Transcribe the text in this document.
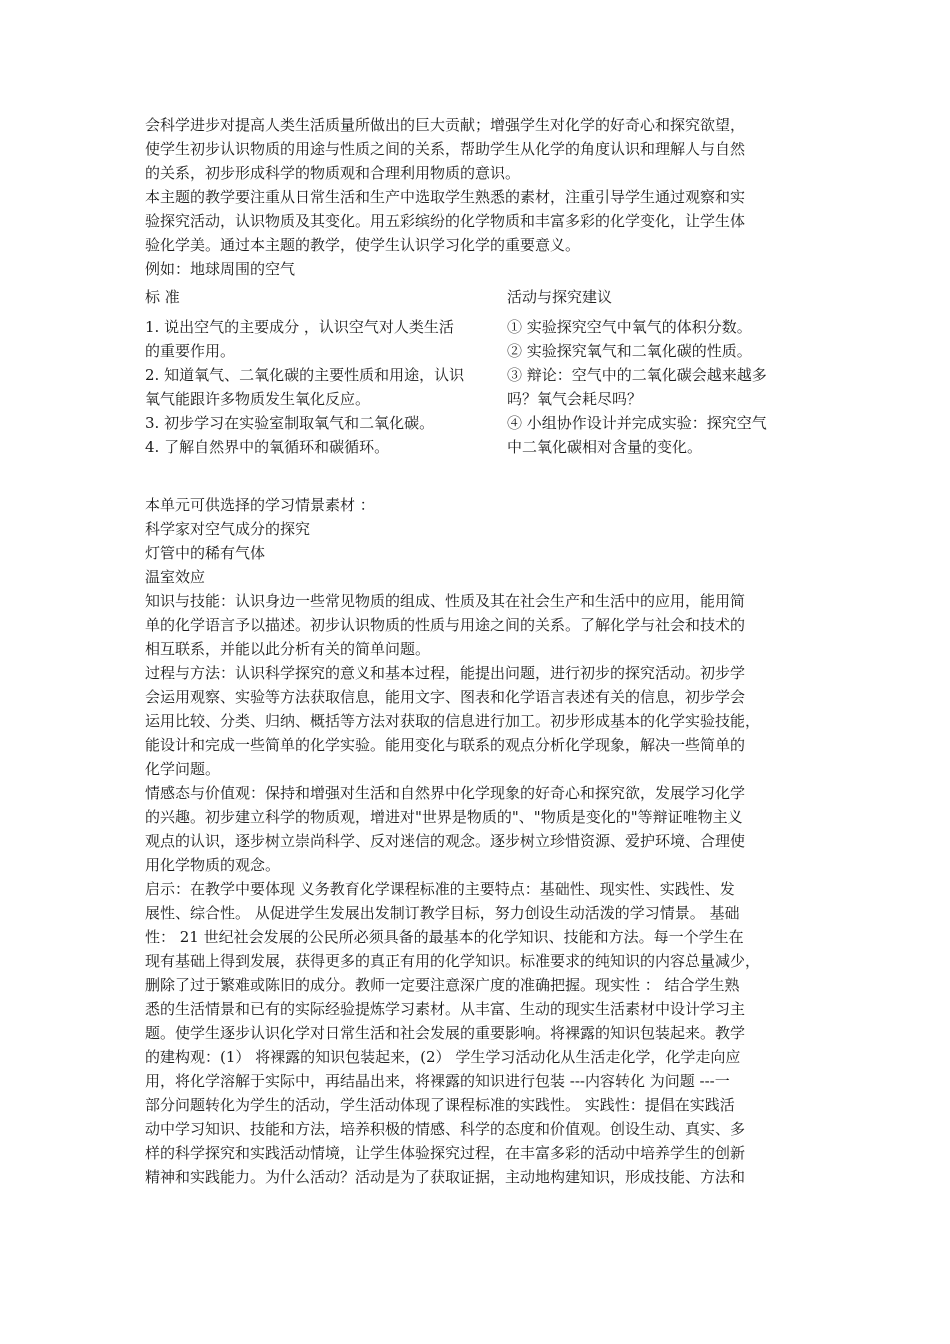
会科学进步对提高人类生活质量所做出的巨大贡献；增强学生对化学的好奇心和探究欲望，
使学生初步认识物质的用途与性质之间的关系，帮助学生从化学的角度认识和理解人与自然
的关系，初步形成科学的物质观和合理利用物质的意识。
本主题的教学要注重从日常生活和生产中选取学生熟悉的素材，注重引导学生通过观察和实
验探究活动，认识物质及其变化。用五彩缤纷的化学物质和丰富多彩的化学变化，让学生体
验化学美。通过本主题的教学，使学生认识学习化学的重要意义。
例如：地球周围的空气
标 准
1. 说出空气的主要成分 ，认识空气对人类生活
的重要作用。
2. 知道氧气、二氧化碳的主要性质和用途，认识
氧气能跟许多物质发生氧化反应。
3. 初步学习在实验室制取氧气和二氧化碳。
4. 了解自然界中的氧循环和碳循环。
活动与探究建议
① 实验探究空气中氧气的体积分数。
② 实验探究氧气和二氧化碳的性质。
③ 辩论：空气中的二氧化碳会越来越多
吗？氧气会耗尽吗？
④ 小组协作设计并完成实验：探究空气
中二氧化碳相对含量的变化。
本单元可供选择的学习情景素材 ：
科学家对空气成分的探究
灯管中的稀有气体
温室效应
知识与技能：认识身边一些常见物质的组成、性质及其在社会生产和生活中的应用，能用简
单的化学语言予以描述。初步认识物质的性质与用途之间的关系。了解化学与社会和技术的
相互联系，并能以此分析有关的简单问题。
过程与方法：认识科学探究的意义和基本过程，能提出问题，进行初步的探究活动。初步学
会运用观察、实验等方法获取信息，能用文字、图表和化学语言表述有关的信息，初步学会
运用比较、分类、归纳、概括等方法对获取的信息进行加工。初步形成基本的化学实验技能，
能设计和完成一些简单的化学实验。能用变化与联系的观点分析化学现象，解决一些简单的
化学问题。
情感态与价值观：保持和增强对生活和自然界中化学现象的好奇心和探究欲，发展学习化学
的兴趣。初步建立科学的物质观，增进对"世界是物质的"、"物质是变化的"等辩证唯物主义
观点的认识，逐步树立崇尚科学、反对迷信的观念。逐步树立珍惜资源、爱护环境、合理使
用化学物质的观念。
启示：在教学中要体现 义务教育化学课程标准的主要特点：基础性、现实性、实践性、发
展性、综合性。 从促进学生发展出发制订教学目标，努力创设生动活泼的学习情景。 基础
性： 21 世纪社会发展的公民所必须具备的最基本的化学知识、技能和方法。每一个学生在
现有基础上得到发展，获得更多的真正有用的化学知识。标准要求的纯知识的内容总量减少，
删除了过于繁难或陈旧的成分。教师一定要注意深广度的准确把握。现实性 ： 结合学生熟
悉的生活情景和已有的实际经验提炼学习素材。从丰富、生动的现实生活素材中设计学习主
题。使学生逐步认识化学对日常生活和社会发展的重要影响。将裸露的知识包装起来。教学
的建构观：(1） 将裸露的知识包装起来，(2） 学生学习活动化从生活走化学，化学走向应
用，将化学溶解于实际中，再结晶出来，将裸露的知识进行包装 ---内容转化 为问题 ---一
部分问题转化为学生的活动，学生活动体现了课程标准的实践性。 实践性：提倡在实践活
动中学习知识、技能和方法，培养积极的情感、科学的态度和价值观。创设生动、真实、多
样的科学探究和实践活动情境，让学生体验探究过程，在丰富多彩的活动中培养学生的创新
精神和实践能力。为什么活动？活动是为了获取证据，主动地构建知识，形成技能、方法和
